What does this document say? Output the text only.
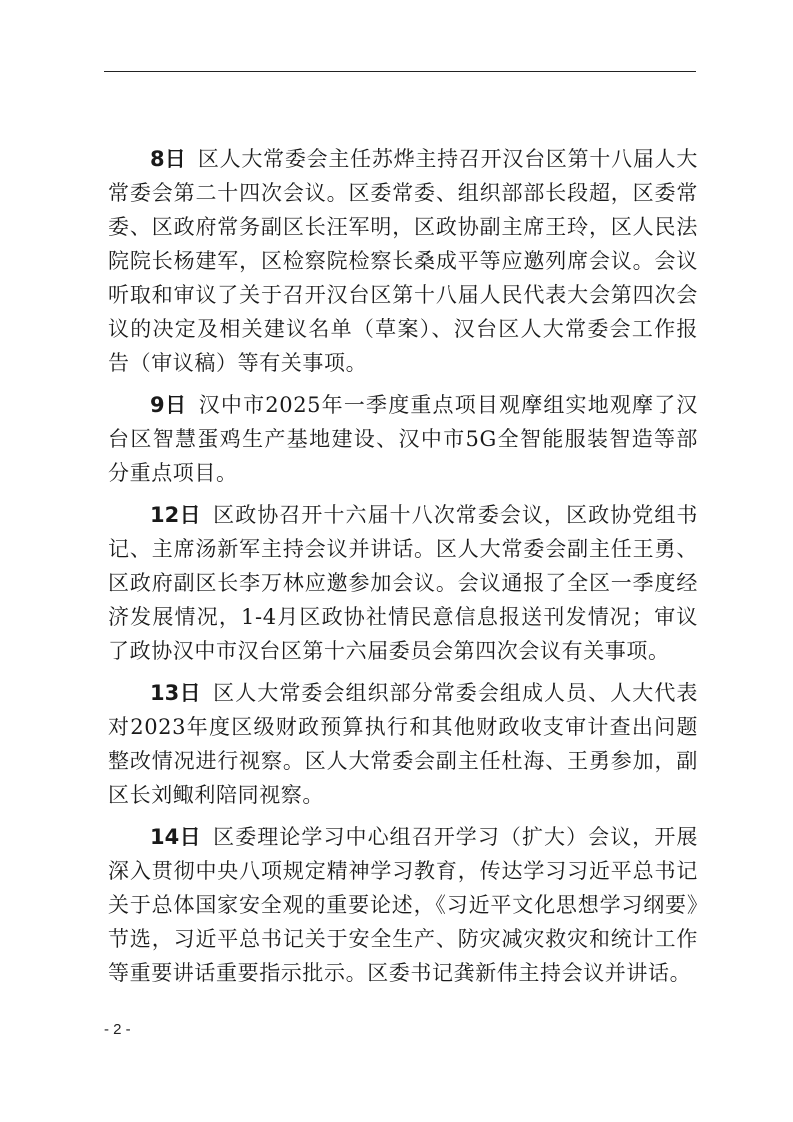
8日 区人大常委会主任苏烨主持召开汉台区第十八届人大常委会第二十四次会议。区委常委、组织部部长段超，区委常委、区政府常务副区长汪军明，区政协副主席王玲，区人民法院院长杨建军，区检察院检察长桑成平等应邀列席会议。会议听取和审议了关于召开汉台区第十八届人民代表大会第四次会议的决定及相关建议名单（草案）、汉台区人大常委会工作报告（审议稿）等有关事项。

9日 汉中市2025年一季度重点项目观摩组实地观摩了汉台区智慧蛋鸡生产基地建设、汉中市5G全智能服装智造等部分重点项目。

12日 区政协召开十六届十八次常委会议，区政协党组书记、主席汤新军主持会议并讲话。区人大常委会副主任王勇、区政府副区长李万林应邀参加会议。会议通报了全区一季度经济发展情况，1-4月区政协社情民意信息报送刊发情况；审议了政协汉中市汉台区第十六届委员会第四次会议有关事项。

13日 区人大常委会组织部分常委会组成人员、人大代表对2023年度区级财政预算执行和其他财政收支审计查出问题整改情况进行视察。区人大常委会副主任杜海、王勇参加，副区长刘鲰利陪同视察。

14日 区委理论学习中心组召开学习（扩大）会议，开展深入贯彻中央八项规定精神学习教育，传达学习习近平总书记关于总体国家安全观的重要论述，《习近平文化思想学习纲要》节选，习近平总书记关于安全生产、防灾减灾救灾和统计工作等重要讲话重要指示批示。区委书记龚新伟主持会议并讲话。

- 2 -
